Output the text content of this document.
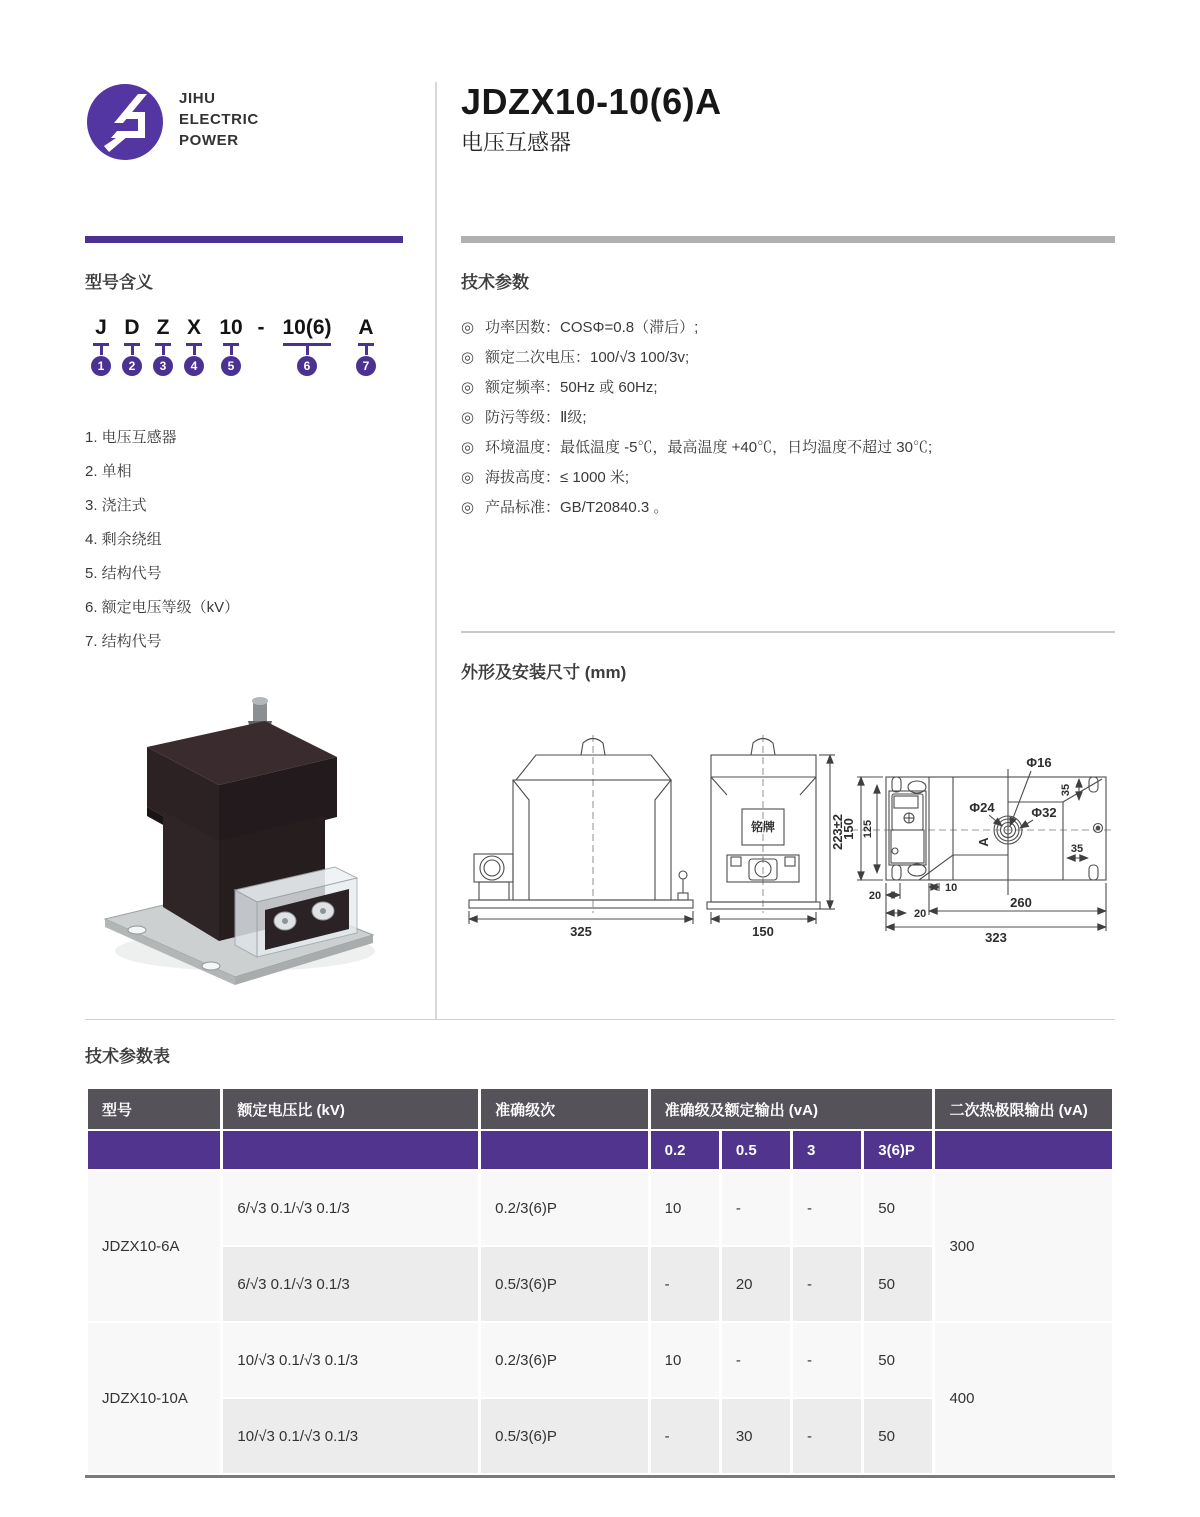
JIHU
ELECTRIC
POWER
型号含义
J
1
D
2
Z
3
X
4
10
5
- 10(6)
6
A
7
1. 电压互感器
2. 单相
3. 浇注式
4. 剩余绕组
5. 结构代号
6. 额定电压等级（kV）
7. 结构代号
JDZX10-10(6)A
电压互感器
技术参数
◎ 功率因数：COSΦ=0.8（滞后）;
◎ 额定二次电压：100/√3 100/3v;
◎ 额定频率：50Hz 或 60Hz;
◎ 防污等级：Ⅱ级;
◎ 环境温度：最低温度 -5℃，最高温度 +40℃，日均温度不超过 30℃;
◎ 海拔高度：≤ 1000 米;
◎ 产品标准：GB/T20840.3 。
外形及安装尺寸 (mm)
325
铭牌
150
223±2
Φ16
Φ24	Φ32
A
35
35
150 125
20
20
10
260
323
技术参数表
型号	额定电压比 (kV)	准确级次	准确级及额定输出 (vA)				二次热极限输出 (vA)
			0.2	0.5	3	3(6)P	
JDZX10-6A	6/√3 0.1/√3 0.1/3	0.2/3(6)P	10	-	-	50	300
	6/√3 0.1/√3 0.1/3	0.5/3(6)P	-	20	-	50	
JDZX10-10A	10/√3 0.1/√3 0.1/3	0.2/3(6)P	10	-	-	50	400
	10/√3 0.1/√3 0.1/3	0.5/3(6)P	-	30	-	50	
